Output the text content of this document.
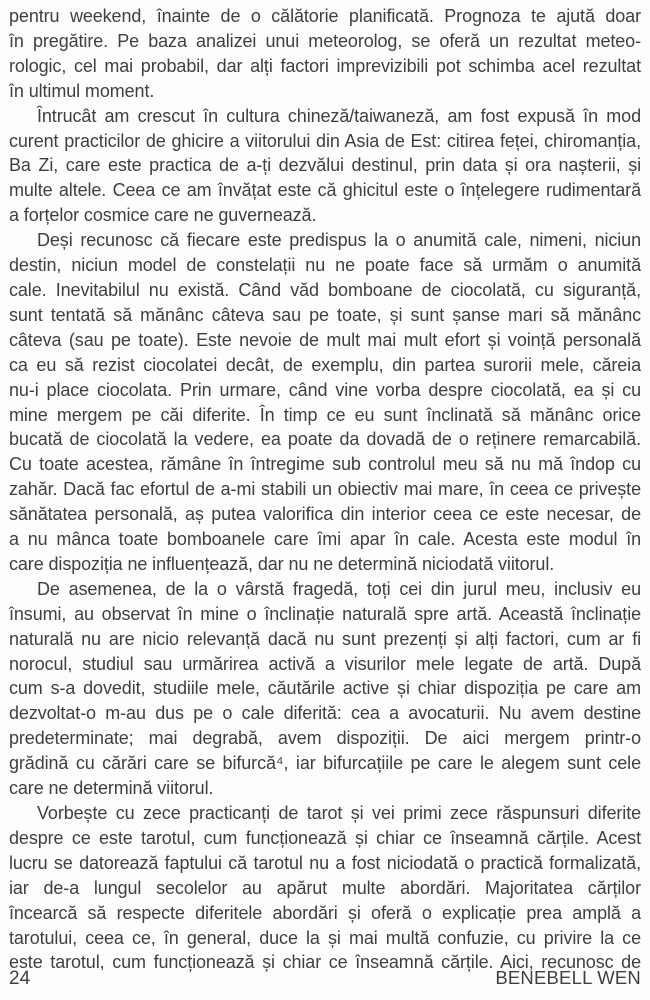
pentru weekend, înainte de o călătorie planificată. Prognoza te ajută doar
în pregătire. Pe baza analizei unui meteorolog, se oferă un rezultat meteo-
rologic, cel mai probabil, dar alți factori imprevizibili pot schimba acel rezultat
în ultimul moment.
Întrucât am crescut în cultura chineză/taiwaneză, am fost expusă în mod
curent practicilor de ghicire a viitorului din Asia de Est: citirea feței, chiromanția,
Ba Zi, care este practica de a-ți dezvălui destinul, prin data și ora nașterii, și
multe altele. Ceea ce am învățat este că ghicitul este o înțelegere rudimentară
a forțelor cosmice care ne guvernează.
Deși recunosc că fiecare este predispus la o anumită cale, nimeni, niciun
destin, niciun model de constelații nu ne poate face să urmăm o anumită
cale. Inevitabilul nu există. Când văd bomboane de ciocolată, cu siguranță,
sunt tentată să mănânc câteva sau pe toate, și sunt șanse mari să mănânc
câteva (sau pe toate). Este nevoie de mult mai mult efort și voință personală
ca eu să rezist ciocolatei decât, de exemplu, din partea surorii mele, căreia
nu-i place ciocolata. Prin urmare, când vine vorba despre ciocolată, ea și cu
mine mergem pe căi diferite. În timp ce eu sunt înclinată să mănânc orice
bucată de ciocolată la vedere, ea poate da dovadă de o reținere remarcabilă.
Cu toate acestea, rămâne în întregime sub controlul meu să nu mă îndop cu
zahăr. Dacă fac efortul de a-mi stabili un obiectiv mai mare, în ceea ce privește
sănătatea personală, aș putea valorifica din interior ceea ce este necesar, de
a nu mânca toate bomboanele care îmi apar în cale. Acesta este modul în
care dispoziția ne influențează, dar nu ne determină niciodată viitorul.
De asemenea, de la o vârstă fragedă, toți cei din jurul meu, inclusiv eu
însumi, au observat în mine o înclinație naturală spre artă. Această înclinație
naturală nu are nicio relevanță dacă nu sunt prezenți și alți factori, cum ar fi
norocul, studiul sau urmărirea activă a visurilor mele legate de artă. După
cum s-a dovedit, studiile mele, căutările active și chiar dispoziția pe care am
dezvoltat-o m-au dus pe o cale diferită: cea a avocaturii. Nu avem destine
predeterminate; mai degrabă, avem dispoziții. De aici mergem printr-o
grădină cu cărări care se bifurcă⁴, iar bifurcațiile pe care le alegem sunt cele
care ne determină viitorul.
Vorbește cu zece practicanți de tarot și vei primi zece răspunsuri diferite
despre ce este tarotul, cum funcționează și chiar ce înseamnă cărțile. Acest
lucru se datorează faptului că tarotul nu a fost niciodată o practică formalizată,
iar de-a lungul secolelor au apărut multe abordări. Majoritatea cărților
încearcă să respecte diferitele abordări și oferă o explicație prea amplă a
tarotului, ceea ce, în general, duce la și mai multă confuzie, cu privire la ce
este tarotul, cum funcționează și chiar ce înseamnă cărțile. Aici, recunosc de
24	BENEBELL WEN
